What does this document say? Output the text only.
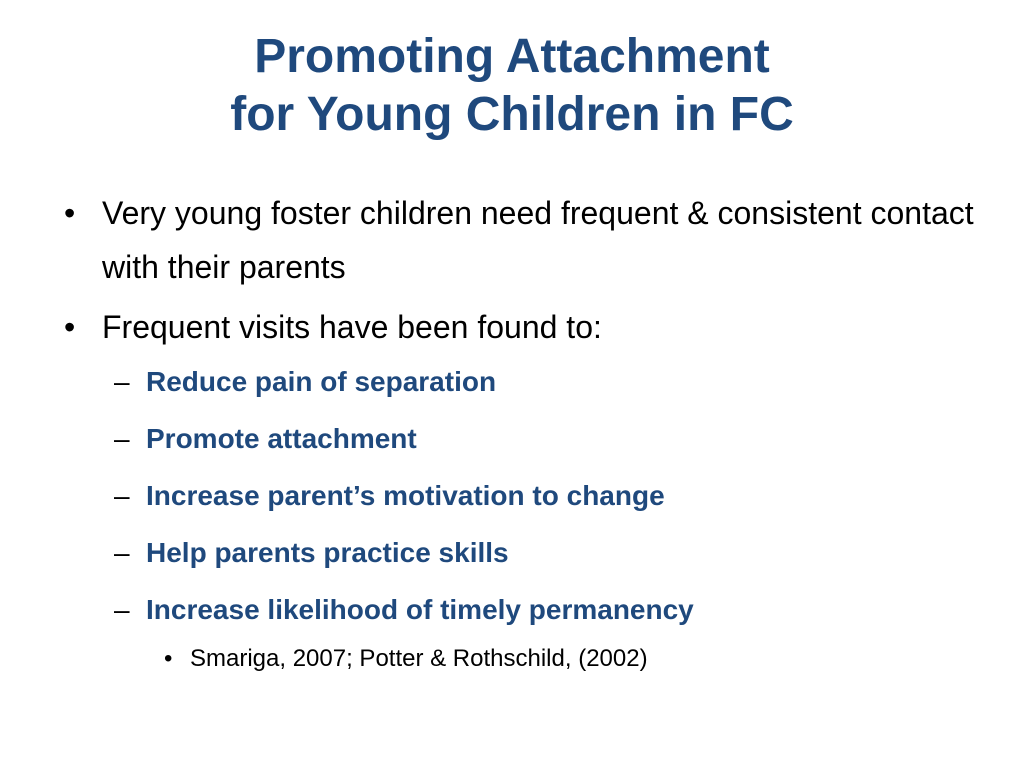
Promoting Attachment
for Young Children in FC
• Very young foster children need frequent & consistent contact with their parents
• Frequent visits have been found to:
– Reduce pain of separation
– Promote attachment
– Increase parent’s motivation to change
– Help parents practice skills
– Increase likelihood of timely permanency
• Smariga, 2007; Potter & Rothschild, (2002)
